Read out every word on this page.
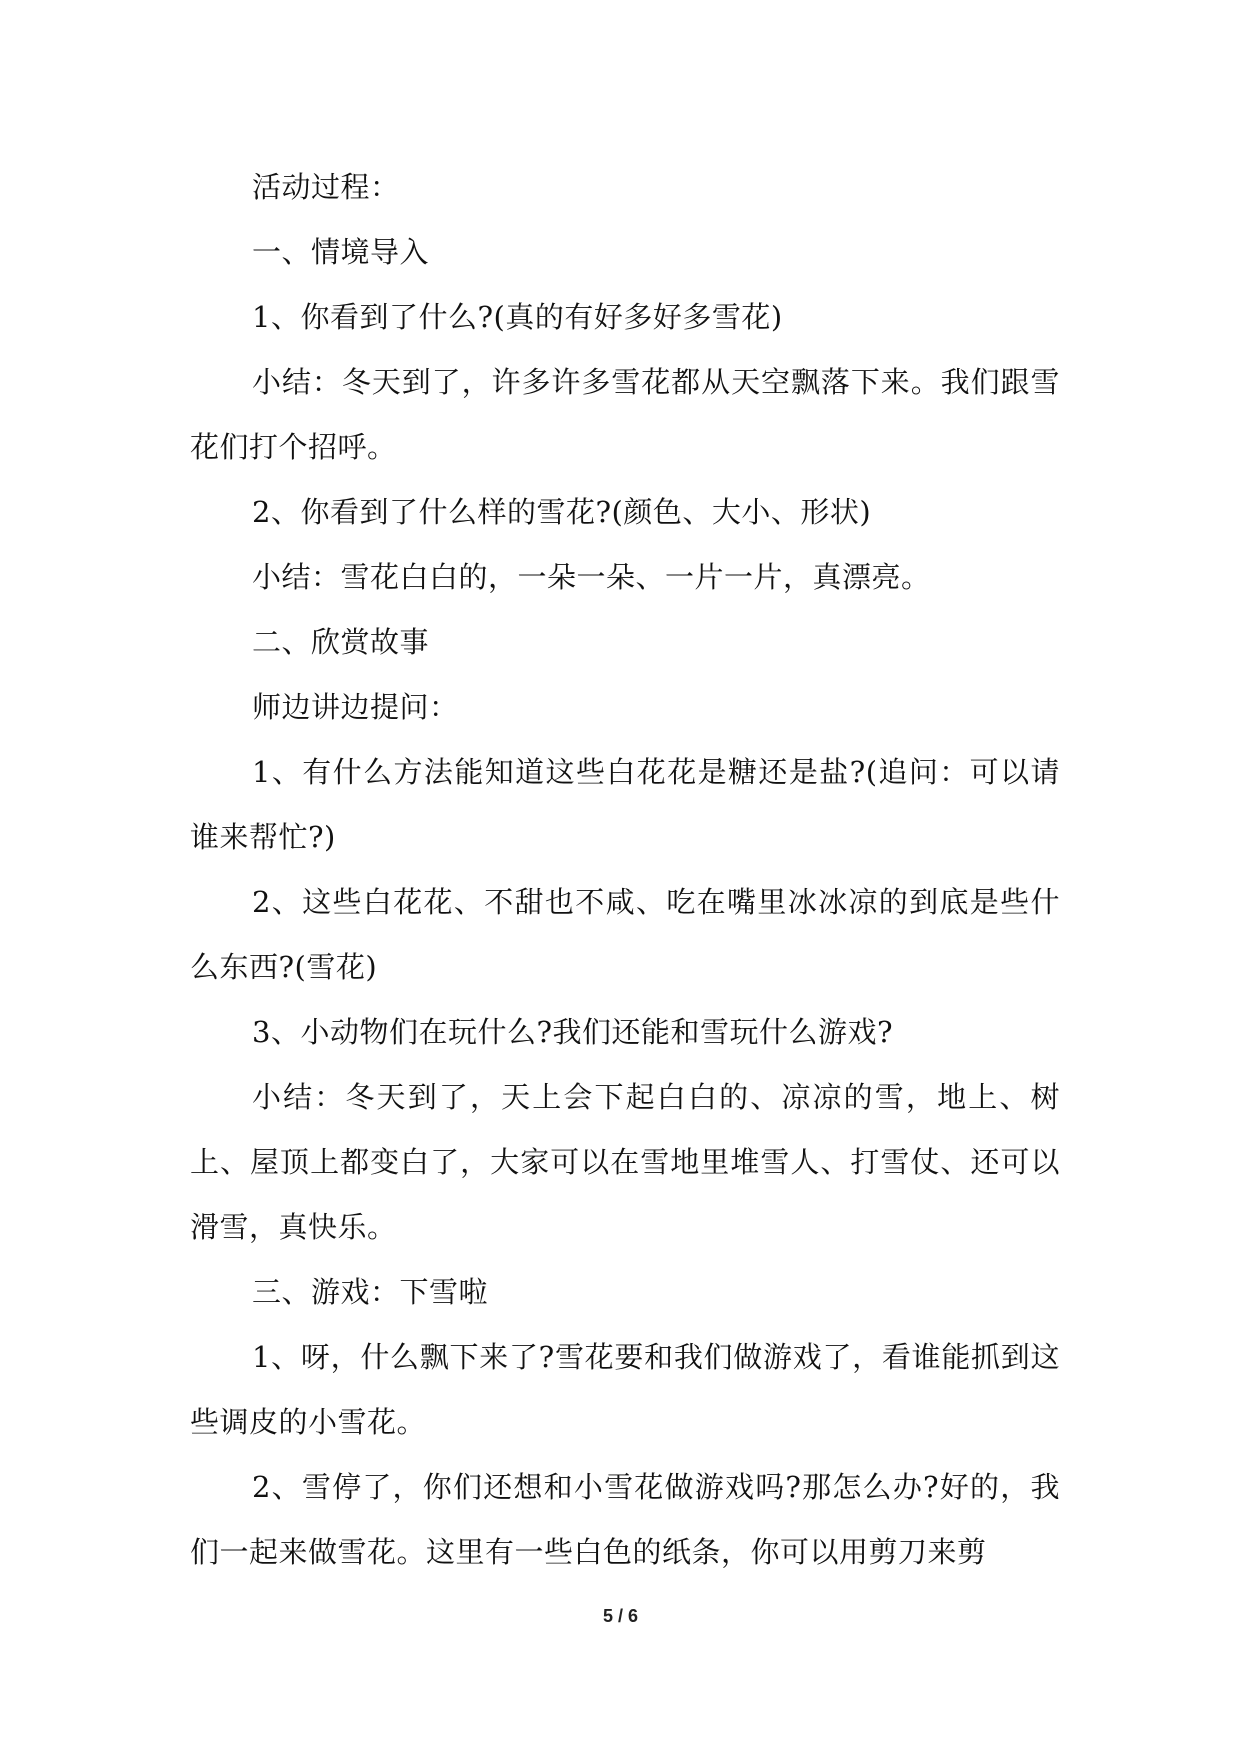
活动过程：

一、情境导入

1、你看到了什么?(真的有好多好多雪花)

小结：冬天到了，许多许多雪花都从天空飘落下来。我们跟雪花们打个招呼。

2、你看到了什么样的雪花?(颜色、大小、形状)

小结：雪花白白的，一朵一朵、一片一片，真漂亮。

二、欣赏故事

师边讲边提问：

1、有什么方法能知道这些白花花是糖还是盐?(追问：可以请谁来帮忙?)

2、这些白花花、不甜也不咸、吃在嘴里冰冰凉的到底是些什么东西?(雪花)

3、小动物们在玩什么?我们还能和雪玩什么游戏?

小结：冬天到了，天上会下起白白的、凉凉的雪，地上、树上、屋顶上都变白了，大家可以在雪地里堆雪人、打雪仗、还可以滑雪，真快乐。

三、游戏：下雪啦

1、呀，什么飘下来了?雪花要和我们做游戏了，看谁能抓到这些调皮的小雪花。

2、雪停了，你们还想和小雪花做游戏吗?那怎么办?好的，我们一起来做雪花。这里有一些白色的纸条，你可以用剪刀来剪

5 / 6
